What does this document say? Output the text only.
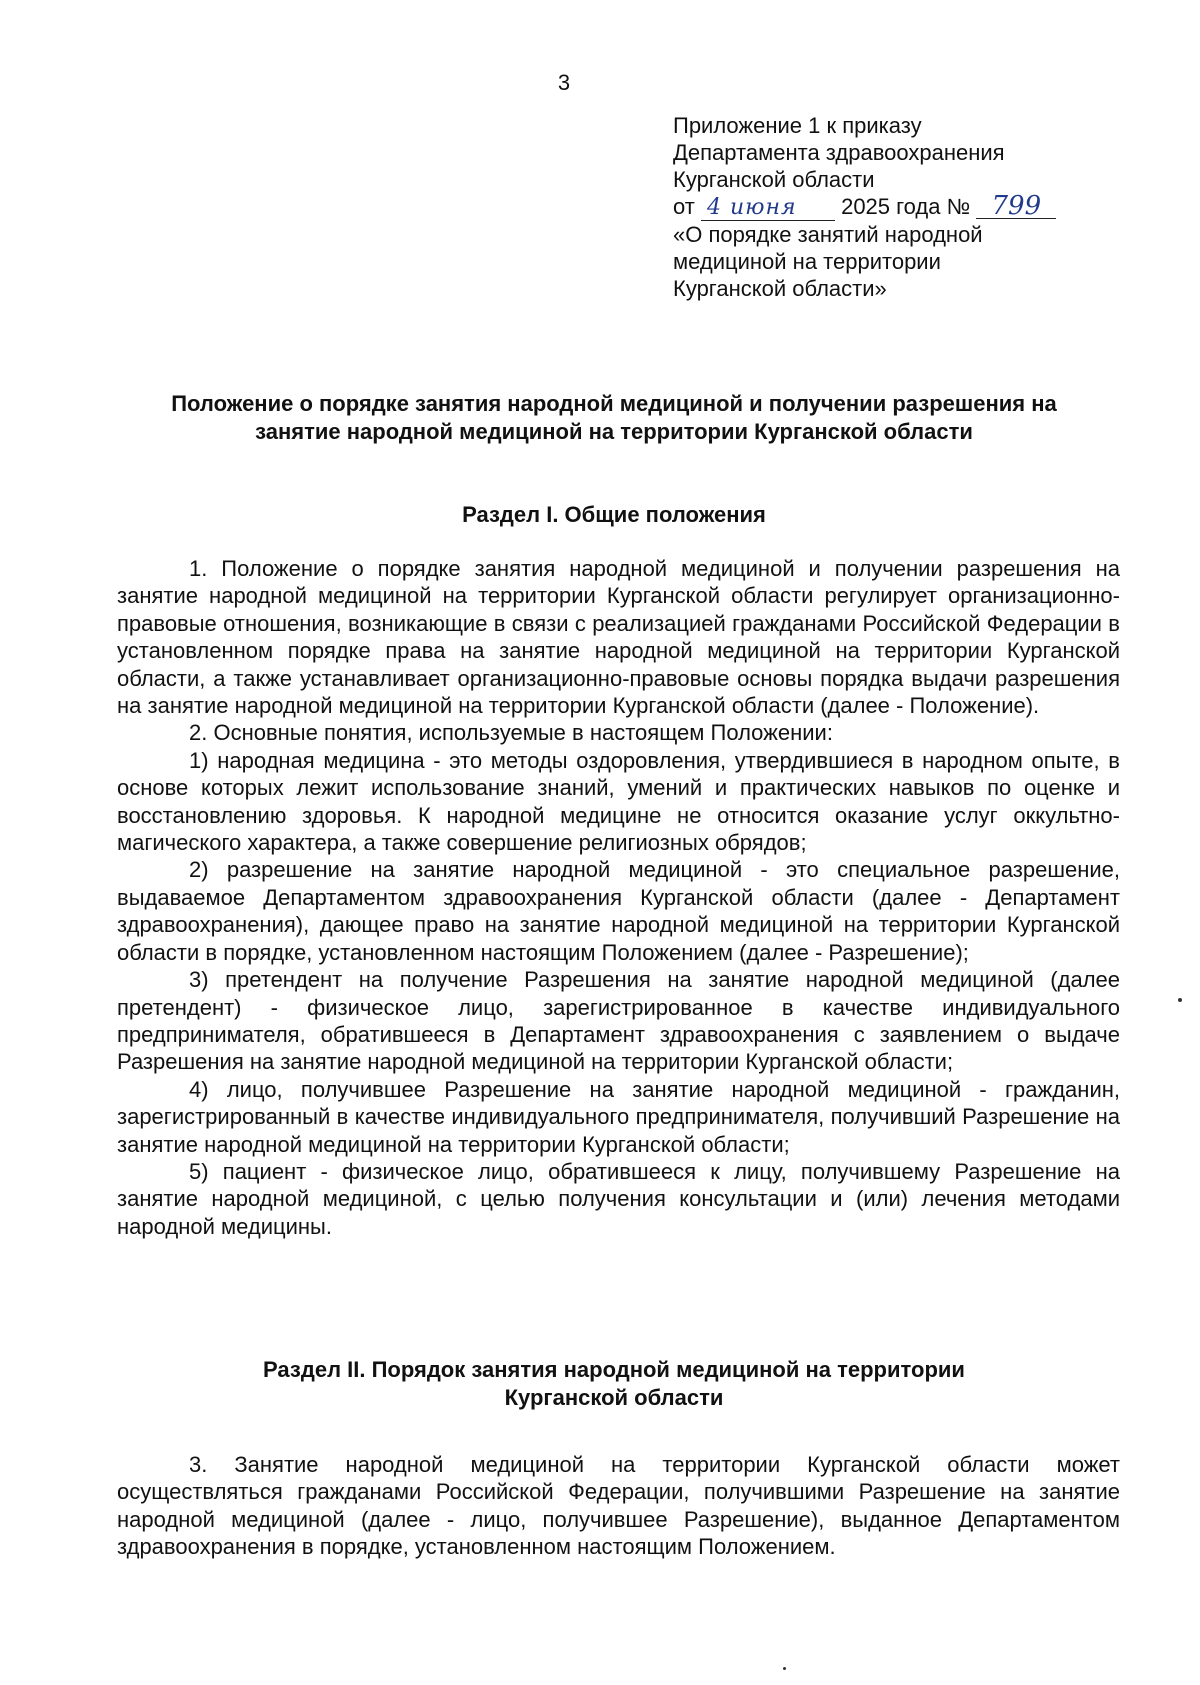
3
Приложение 1 к приказу
Департамента здравоохранения
Курганской области
от 4 июня 2025 года № 799
«О порядке занятий народной
медициной на территории
Курганской области»
Положение о порядке занятия народной медициной и получении разрешения на
занятие народной медициной на территории Курганской области
Раздел I. Общие положения

1. Положение о порядке занятия народной медициной и получении разрешения на занятие народной медициной на территории Курганской области регулирует организационно-правовые отношения, возникающие в связи с реализацией гражданами Российской Федерации в установленном порядке права на занятие народной медициной на территории Курганской области, а также устанавливает организационно-правовые основы порядка выдачи разрешения на занятие народной медициной на территории Курганской области (далее - Положение).

2. Основные понятия, используемые в настоящем Положении:

1) народная медицина - это методы оздоровления, утвердившиеся в народном опыте, в основе которых лежит использование знаний, умений и практических навыков по оценке и восстановлению здоровья. К народной медицине не относится оказание услуг оккультно-магического характера, а также совершение религиозных обрядов;

2) разрешение на занятие народной медициной - это специальное разрешение, выдаваемое Департаментом здравоохранения Курганской области (далее - Департамент здравоохранения), дающее право на занятие народной медициной на территории Курганской области в порядке, установленном настоящим Положением (далее - Разрешение);

3) претендент на получение Разрешения на занятие народной медициной (далее претендент) - физическое лицо, зарегистрированное в качестве индивидуального предпринимателя, обратившееся в Департамент здравоохранения с заявлением о выдаче Разрешения на занятие народной медициной на территории Курганской области;

4) лицо, получившее Разрешение на занятие народной медициной - гражданин, зарегистрированный в качестве индивидуального предпринимателя, получивший Разрешение на занятие народной медициной на территории Курганской области;

5) пациент - физическое лицо, обратившееся к лицу, получившему Разрешение на занятие народной медициной, с целью получения консультации и (или) лечения методами народной медицины.

Раздел II. Порядок занятия народной медициной на территории
Курганской области

3. Занятие народной медициной на территории Курганской области может осуществляться гражданами Российской Федерации, получившими Разрешение на занятие народной медициной (далее - лицо, получившее Разрешение), выданное Департаментом здравоохранения в порядке, установленном настоящим Положением.
